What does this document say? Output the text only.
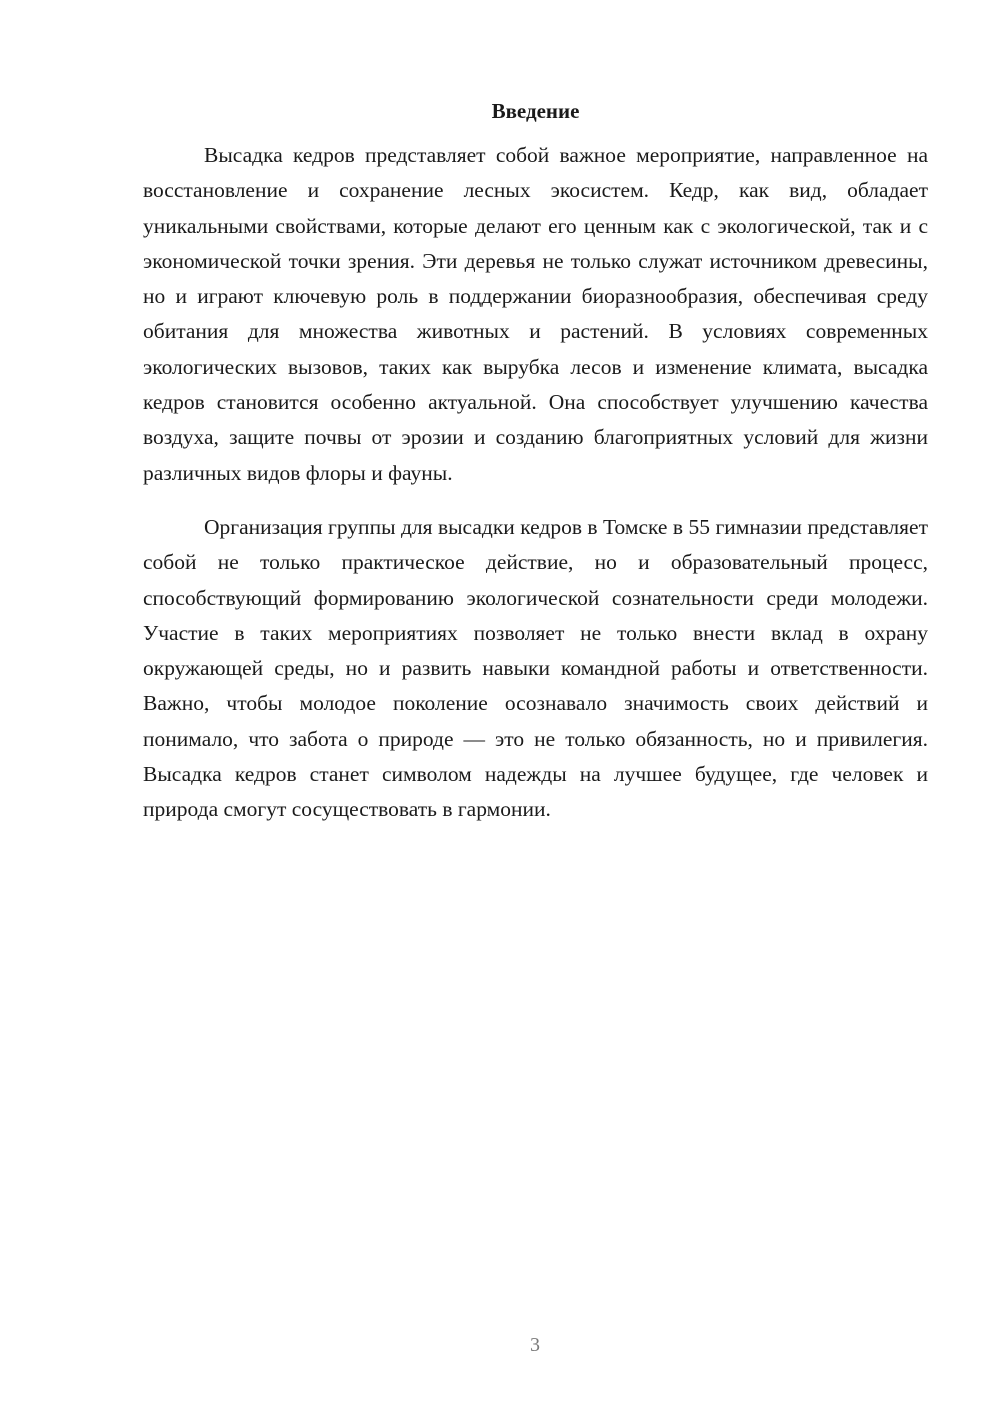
Введение

Высадка кедров представляет собой важное мероприятие, направленное на восстановление и сохранение лесных экосистем. Кедр, как вид, обладает уникальными свойствами, которые делают его ценным как с экологической, так и с экономической точки зрения. Эти деревья не только служат источником древесины, но и играют ключевую роль в поддержании биоразнообразия, обеспечивая среду обитания для множества животных и растений. В условиях современных экологических вызовов, таких как вырубка лесов и изменение климата, высадка кедров становится особенно актуальной. Она способствует улучшению качества воздуха, защите почвы от эрозии и созданию благоприятных условий для жизни различных видов флоры и фауны.

Организация группы для высадки кедров в Томске в 55 гимназии представляет собой не только практическое действие, но и образовательный процесс, способствующий формированию экологической сознательности среди молодежи. Участие в таких мероприятиях позволяет не только внести вклад в охрану окружающей среды, но и развить навыки командной работы и ответственности. Важно, чтобы молодое поколение осознавало значимость своих действий и понимало, что забота о природе — это не только обязанность, но и привилегия. Высадка кедров станет символом надежды на лучшее будущее, где человек и природа смогут сосуществовать в гармонии.

3
